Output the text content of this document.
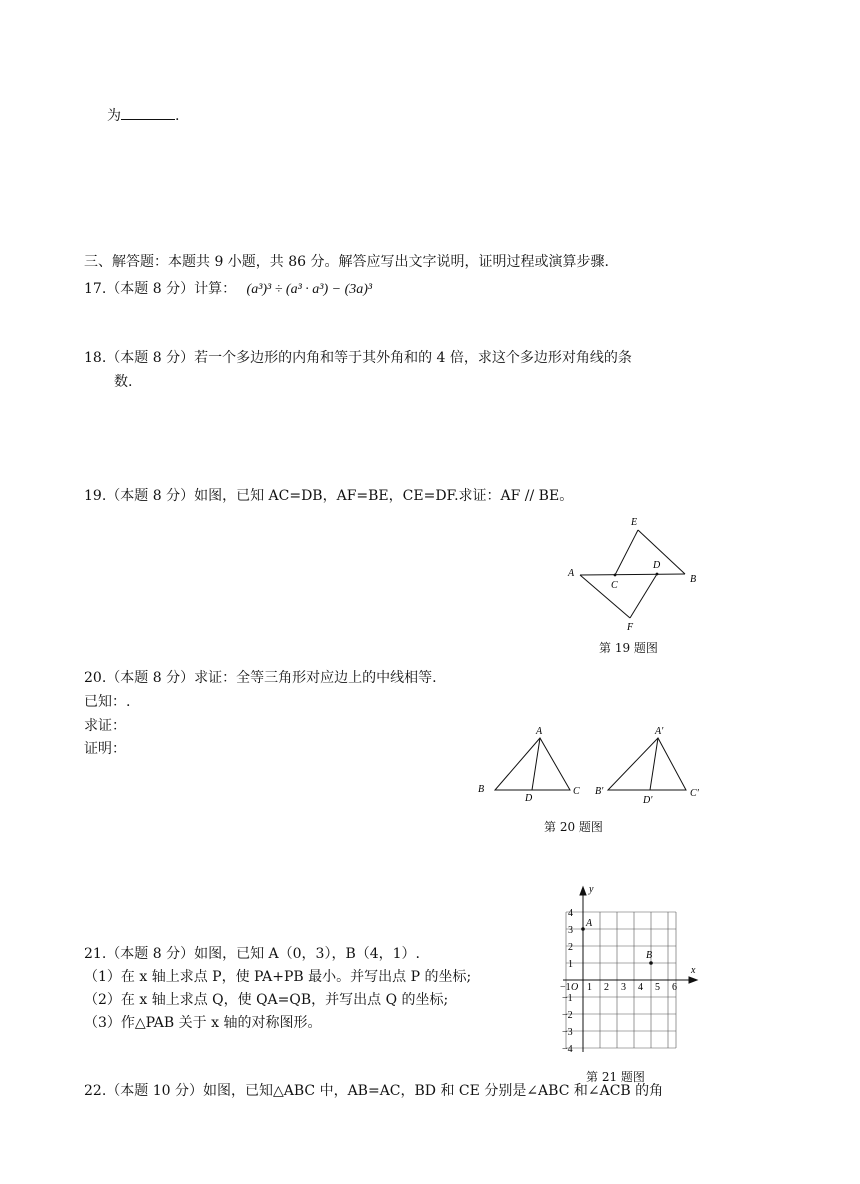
为	.
三、解答题：本题共 9 小题，共 86 分。解答应写出文字说明，证明过程或演算步骤.
17.（本题 8 分）计算： (a³)³ ÷ (a³ · a³) − (3a)³
18.（本题 8 分）若一个多边形的内角和等于其外角和的 4 倍，求这个多边形对角线的条
数.
19.（本题 8 分）如图，已知 AC=DB，AF=BE，CE=DF.求证：AF // BE。
E
A
C
D
B
F
第 19 题图
20.（本题 8 分）求证：全等三角形对应边上的中线相等.
已知：.
求证：
证明：
A
B
D
C
A'
B'
D'
C'
第 20 题图
21.（本题 8 分）如图，已知 A（0，3），B（4，1）.
（1）在 x 轴上求点 P，使 PA+PB 最小。并写出点 P 的坐标;
（2）在 x 轴上求点 Q，使 QA=QB，并写出点 Q 的坐标;
（3）作△PAB 关于 x 轴的对称图形。
x
y
O
A
B
−1 1 2 3 4 5 6
4
3
2
1
−1
−2
−3
−4
第 21 题图
22.（本题 10 分）如图，已知△ABC 中，AB=AC，BD 和 CE 分别是∠ABC 和∠ACB 的角
